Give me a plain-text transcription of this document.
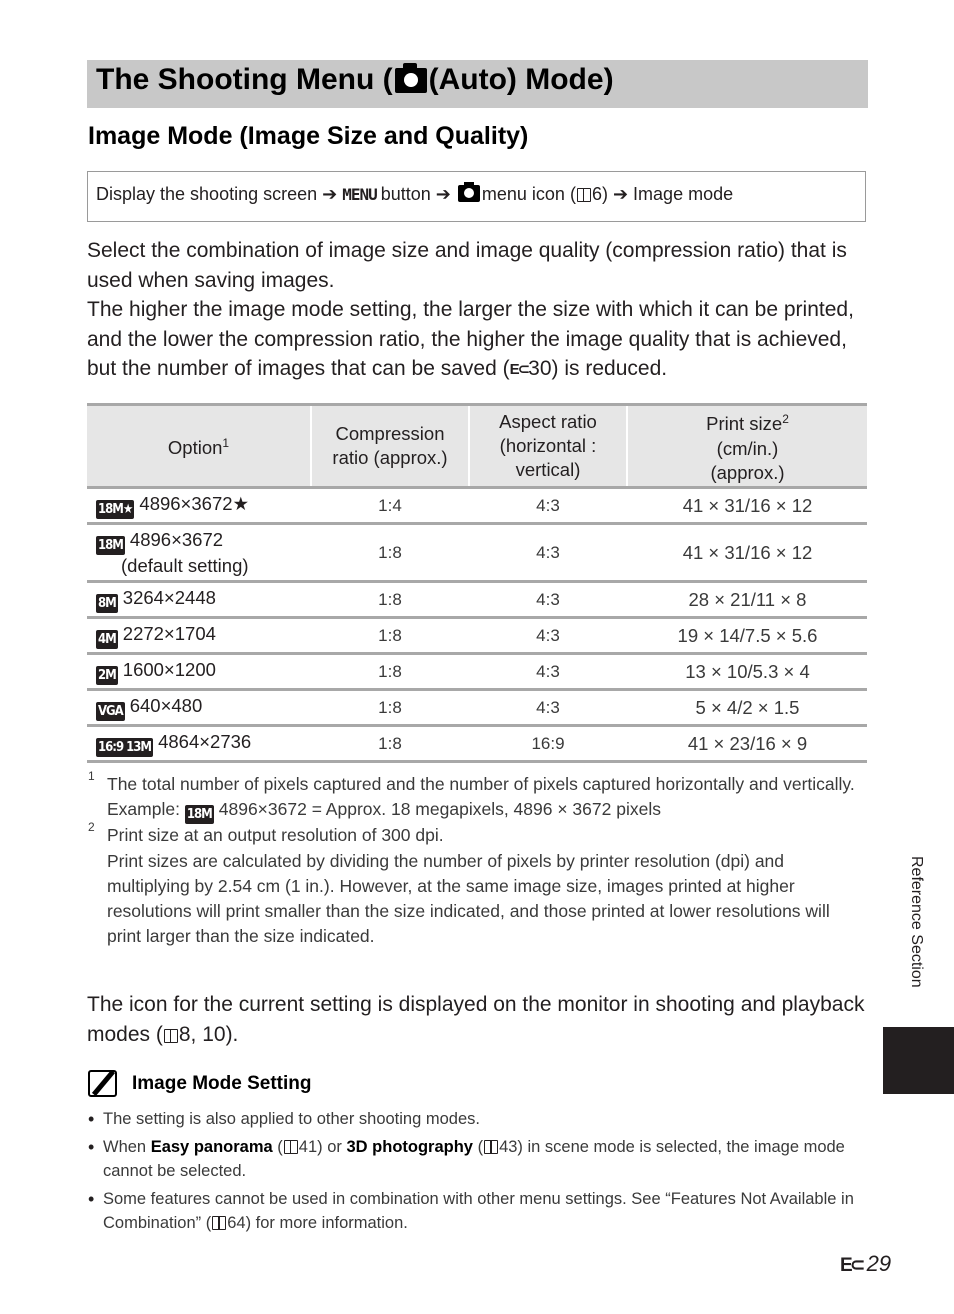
The Shooting Menu ( (Auto) Mode)
Image Mode (Image Size and Quality)
Display the shooting screen ➔ MENU button ➔ menu icon ( 6) ➔ Image mode

Select the combination of image size and image quality (compression ratio) that is used when saving images.

The higher the image mode setting, the larger the size with which it can be printed, and the lower the compression ratio, the higher the image quality that is achieved, but the number of images that can be saved (E⊂30) is reduced.

Option$^1$	Compression ratio (approx.)	Aspect ratio (horizontal : vertical)	Print size$^2$
(cm/in.) (approx.)

18M★ 4896×3672★	1:4	4:3	41 × 31/16 × 12
18M 4896×3672
(default setting)	1:8	4:3	41 × 31/16 × 12
8M 3264×2448	1:8	4:3	28 × 21/11 × 8
4M 2272×1704	1:8	4:3	19 × 14/7.5 × 5.6
2M 1600×1200	1:8	4:3	13 × 10/5.3 × 4
VGA 640×480	1:8	4:3	5 × 4/2 × 1.5
16:9 13M 4864×2736	1:8	16:9	41 × 23/16 × 9
1 The total number of pixels captured and the number of pixels captured horizontally and vertically.
Example: 18M 4896×3672 = Approx. 18 megapixels, 4896 × 3672 pixels
2 Print size at an output resolution of 300 dpi.
Print sizes are calculated by dividing the number of pixels by printer resolution (dpi) and multiplying by 2.54 cm (1 in.). However, at the same image size, images printed at higher resolutions will print smaller than the size indicated, and those printed at lower resolutions will print larger than the size indicated.
The icon for the current setting is displayed on the monitor in shooting and playback modes ( 8, 10).
Image Mode Setting
• The setting is also applied to other shooting modes.
• When Easy panorama ( 41) or 3D photography ( 43) in scene mode is selected, the image mode cannot be selected.
• Some features cannot be used in combination with other menu settings. See “Features Not Available in Combination” ( 64) for more information.
Reference Section
E⊂ 29
